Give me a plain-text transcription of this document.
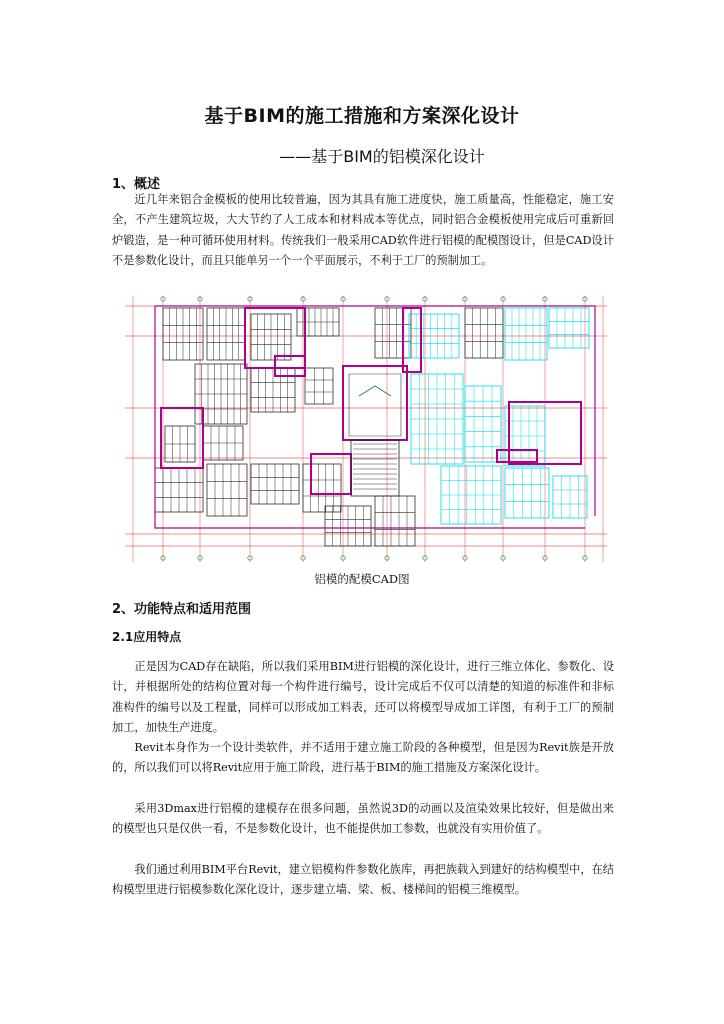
基于BIM的施工措施和方案深化设计
——基于BIM的铝模深化设计
1、概述

近几年来铝合金模板的使用比较普遍，因为其具有施工进度快，施工质量高，性能稳定，施工安全，不产生建筑垃圾，大大节约了人工成本和材料成本等优点，同时铝合金模板使用完成后可重新回炉锻造，是一种可循环使用材料。传统我们一般采用CAD软件进行铝模的配模图设计，但是CAD设计不是参数化设计，而且只能单另一个一个平面展示，不利于工厂的预制加工。

铝模的配模CAD图
2、功能特点和适用范围
2.1应用特点

正是因为CAD存在缺陷，所以我们采用BIM进行铝模的深化设计，进行三维立体化、参数化、设计，并根据所处的结构位置对每一个构件进行编号，设计完成后不仅可以清楚的知道的标准件和非标准构件的编号以及工程量，同样可以形成加工料表，还可以将模型导成加工详图，有利于工厂的预制加工，加快生产进度。

Revit本身作为一个设计类软件，并不适用于建立施工阶段的各种模型，但是因为Revit族是开放的，所以我们可以将Revit应用于施工阶段，进行基于BIM的施工措施及方案深化设计。

采用3Dmax进行铝模的建模存在很多问题，虽然说3D的动画以及渲染效果比较好，但是做出来的模型也只是仅供一看，不是参数化设计，也不能提供加工参数，也就没有实用价值了。

我们通过利用BIM平台Revit，建立铝模构件参数化族库，再把族载入到建好的结构模型中，在结构模型里进行铝模参数化深化设计，逐步建立墙、梁、板、楼梯间的铝模三维模型。
